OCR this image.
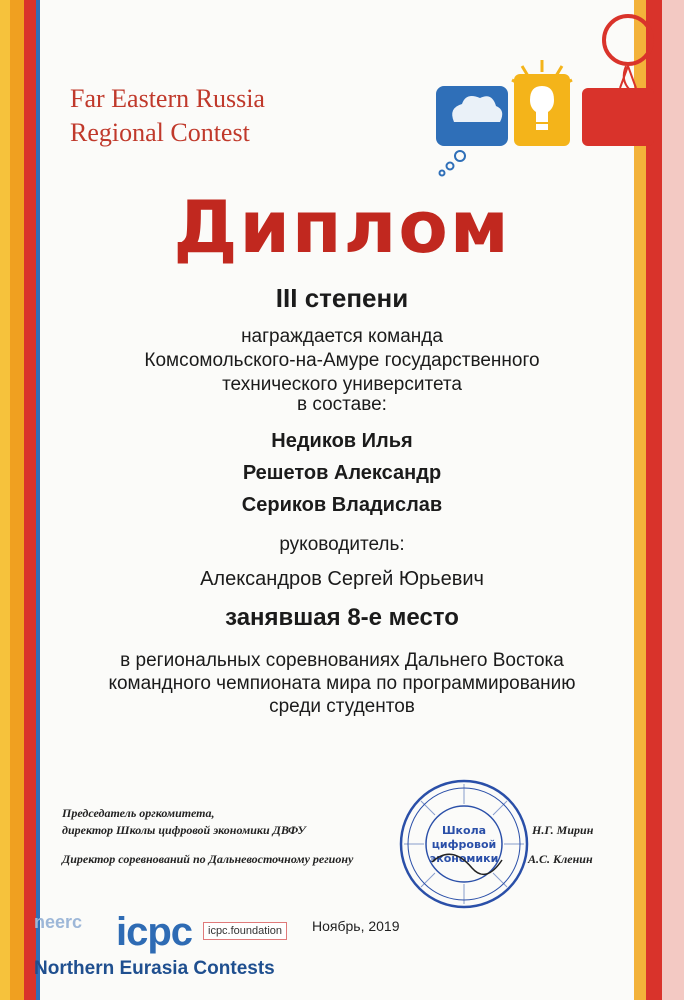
Far Eastern Russia
Regional Contest
Диплом
III степени
награждается команда
Комсомольского-на-Амуре государственного
технического университета
в составе:
Недиков Илья
Решетов Александр
Сериков Владислав
руководитель:
Александров Сергей Юрьевич
занявшая 8-е место
в региональных соревнованиях Дальнего Востока
командного чемпионата мира по программированию
среди студентов
Председатель оргкомитета,
директор Школы цифровой экономики ДВФУ	Н.Г. Мирин
Директор соревнований по Дальневосточному региону	А.С. Кленин
Школа
цифровой
экономики
neerc icpc	icpc.foundation
Northern Eurasia Contests
Ноябрь, 2019
